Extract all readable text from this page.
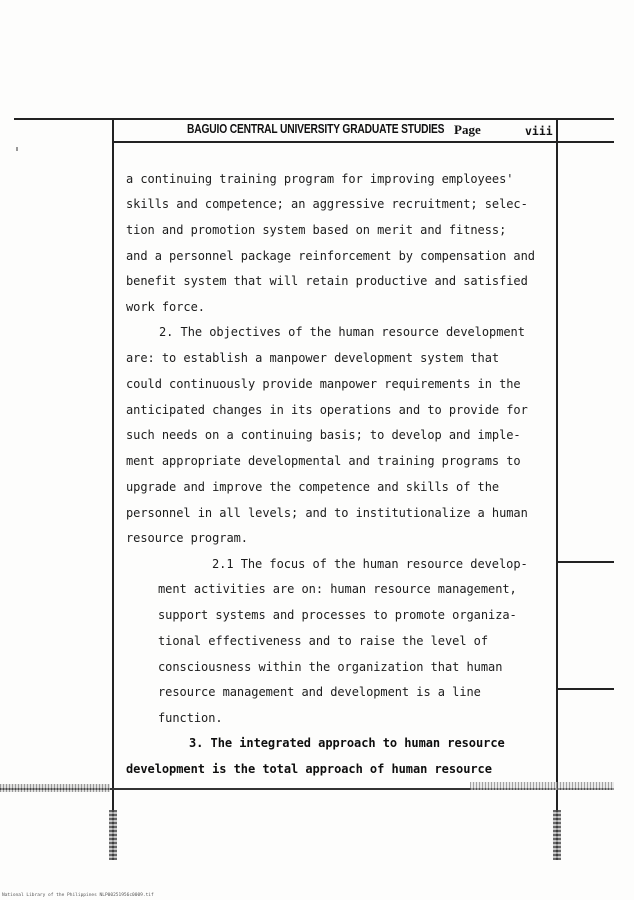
BAGUIO CENTRAL UNIVERSITY GRADUATE STUDIES Page	viii
a continuing training program for improving employees'
skills and competence; an aggressive recruitment; selec-
tion and promotion system based on merit and fitness;
and a personnel package reinforcement by compensation and
benefit system that will retain productive and satisfied
work force.
2. The objectives of the human resource development
are: to establish a manpower development system that
could continuously provide manpower requirements in the
anticipated changes in its operations and to provide for
such needs on a continuing basis; to develop and imple-
ment appropriate developmental and training programs to
upgrade and improve the competence and skills of the
personnel in all levels; and to institutionalize a human
resource program.
2.1 The focus of the human resource develop-
ment activities are on: human resource management,
support systems and processes to promote organiza-
tional effectiveness and to raise the level of
consciousness within the organization that human
resource management and development is a line
function.
3. The integrated approach to human resource
development is the total approach of human resource
National Library of the Philippines NLP00251956c0009.tif
